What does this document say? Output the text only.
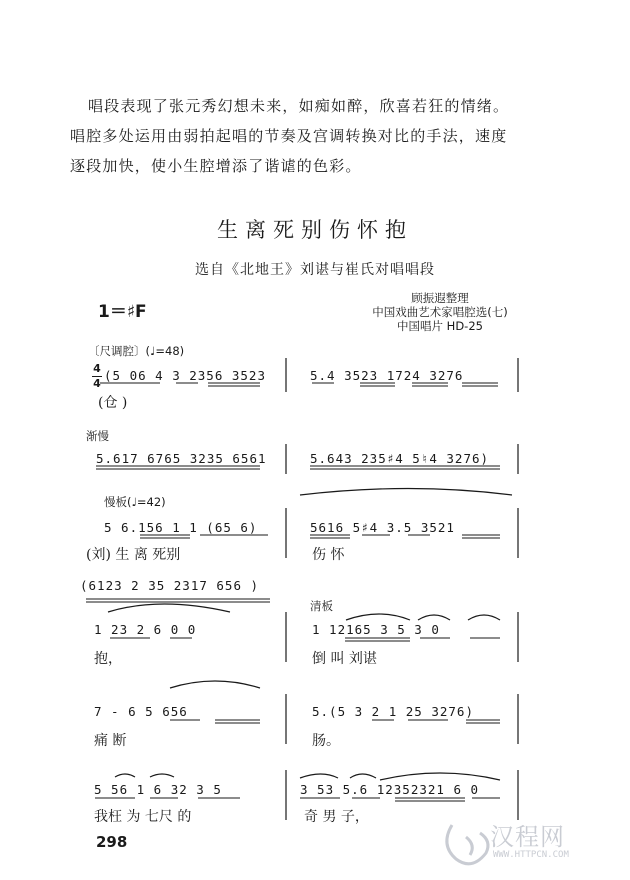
唱段表现了张元秀幻想未来，如痴如醉，欣喜若狂的情绪。
唱腔多处运用由弱拍起唱的节奏及宫调转换对比的手法，速度
逐段加快，使小生腔增添了谐谑的色彩。
生离死别伤怀抱
选自《北地王》刘谌与崔氏对唱唱段
1＝♯F
顾振遐整理
中国戏曲艺术家唱腔选(七)
中国唱片 HD-25
〔尺调腔〕(♩=48)
4
4
(5 06 4 3 2356 3523	5.4 3523 1724 3276
(仓 )
渐慢
5.617 6765 3235 6561	5.643 235♯4 5♮4 3276)
慢板(♩=42)
5 6.156 1 1 (65 6)	5616 5♯4 3.5 3521
(刘) 生 离 死别	伤 怀
(6123 2 35 2317 656 )
清板
1 23 2 6 0 0	1 12165 3 5 3 0
抱，	倒 叫 刘谌
7 - 6 5 656	5.(5 3 2 1 25 3276)
痛 断	肠。
5 56 1 6 32 3 5	3 53 5.6 12352321 6 0
我枉 为 七尺 的	奇 男 子，
298	汉程网
WWW.HTTPCN.COM
